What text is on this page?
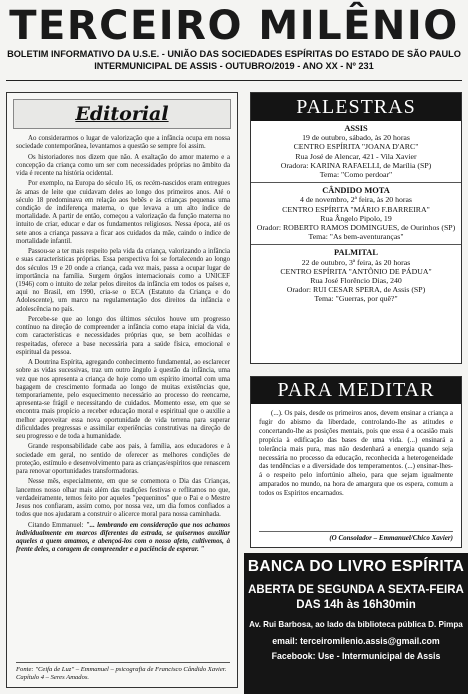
TERCEIRO MILÊNIO
BOLETIM INFORMATIVO DA U.S.E. - UNIÃO DAS SOCIEDADES ESPÍRITAS DO ESTADO DE SÃO PAULO
INTERMUNICIPAL DE ASSIS - OUTUBRO/2019 - ANO XX - Nº 231
Editorial

Ao considerarmos o lugar de valorização que a infância ocupa em nossa sociedade contemporânea, levantamos a questão se sempre foi assim.

Os historiadores nos dizem que não. A exaltação do amor materno e a concepção da criança como um ser com necessidades próprias no âmbito da vida é recente na história ocidental.

Por exemplo, na Europa do século 16, os recém-nascidos eram entregues às amas de leite que cuidavam deles ao longo dos primeiros anos. Até o século 18 predominava em relação aos bebês e às crianças pequenas uma condição de indiferença materna, o que levava a um alto índice de mortalidade. A partir de então, começou a valorização da função materna no intuito de criar, educar e dar os fundamentos religiosos. Nessa época, até os sete anos a criança passava a ficar aos cuidados da mãe, caindo o índice de mortalidade infantil.

Passou-se a ter mais respeito pela vida da criança, valorizando a infância e suas características próprias. Essa perspectiva foi se fortalecendo ao longo dos séculos 19 e 20 onde a criança, cada vez mais, passa a ocupar lugar de importância na família. Surgem órgãos internacionais como a UNICEF (1946) com o intuito de zelar pelos direitos da infância em todos os países e, aqui no Brasil, em 1990, cria-se o ECA (Estatuto da Criança e do Adolescente), um marco na regulamentação dos direitos da infância e adolescência no país.

Percebe-se que ao longo dos últimos séculos houve um progresso contínuo na direção de compreender a infância como etapa inicial da vida, com características e necessidades próprias que, se bem acolhidas e respeitadas, oferece a base necessária para a saúde física, emocional e espiritual da pessoa.

A Doutrina Espírita, agregando conhecimento fundamental, ao esclarecer sobre as vidas sucessivas, traz um outro ângulo à questão da infância, uma vez que nos apresenta a criança de hoje como um espírito imortal com uma bagagem de crescimento formada ao longo de muitas existências que, temporariamente, pelo esquecimento necessário ao processo do reencarne, apresenta-se frágil e necessitando de cuidados. Momento esse, em que se encontra mais propício a receber educação moral e espiritual que o auxilie a melhor aproveitar essa nova oportunidade de vida terrena para superar dificuldades pregressas e assimilar experiências construtivas na direção de seu progresso e de toda a humanidade.

Grande responsabilidade cabe aos pais, à família, aos educadores e à sociedade em geral, no sentido de oferecer as melhores condições de proteção, estímulo e desenvolvimento para as crianças/espíritos que renascem para renovar oportunidades transformadoras.

Nesse mês, especialmente, em que se comemora o Dia das Crianças, lancemos nosso olhar mais além das tradições festivas e reflitamos no que, verdadeiramente, temos feito por aqueles "pequeninos" que o Pai e o Mestre Jesus nos confiaram, assim como, por nossa vez, um dia fomos confiados a todos que nos ajudaram a construir o alicerce moral para nossa caminhada.

Citando Emmanuel: "... lembrando em consideração que nos achamos individualmente em marcos diferentes da estrada, se quisermos auxiliar aqueles a quem amamos, e abençoá-los com o nosso afeto, cultivemos, à frente deles, a coragem de compreender e a paciência de esperar. "

Fonte: "Ceifa de Luz" – Emmanuel – psicografia de Francisco Cândido Xavier. Capítulo 4 – Seres Amados.
PALESTRAS
ASSIS
19 de outubro, sábado, às 20 horas
CENTRO ESPÍRITA "JOANA D'ARC"
Rua José de Alencar, 421 - Vila Xavier
Oradora: KARINA RAFAELLI, de Marília (SP)
Tema: "Como perdoar"
CÂNDIDO MOTA
4 de novembro, 2ª feira, às 20 horas
CENTRO ESPÍRITA "MÁRIO F.BARREIRA"
Rua Ângelo Pipolo, 19
Orador: ROBERTO RAMOS DOMINGUES, de Ourinhos (SP)
Tema: "As bem-aventuranças"
PALMITAL
22 de outubro, 3ª feira, às 20 horas
CENTRO ESPÍRITA "ANTÔNIO DE PÁDUA"
Rua José Florêncio Dias, 240
Orador: RUI CESAR SPERA, de Assis (SP)
Tema: "Guerras, por quê?"
PARA MEDITAR
(...). Os pais, desde os primeiros anos, devem ensinar a criança a fugir do abismo da liberdade, controlando-lhe as atitudes e concertando-lhe as posições mentais, pois que essa é a ocasião mais propícia à edificação das bases de uma vida. (...) ensinará a tolerância mais pura, mas não desdenhará a energia quando seja necessária no processo da educação, reconhecida a heterogeneidade das tendências e a diversidade dos temperamentos. (...) ensinar-lhes-á o respeito pelo infortúnio alheio, para que sejam igualmente amparados no mundo, na hora de amargura que os espera, comum a todos os Espíritos encarnados.
(O Consolador – Emmanuel/Chico Xavier)
BANCA DO LIVRO ESPÍRITA
ABERTA DE SEGUNDA A SEXTA-FEIRA
DAS 14h às 16h30min
Av. Rui Barbosa, ao lado da biblioteca pública D. Pimpa
email: terceiromilenio.assis@gmail.com
Facebook: Use - Intermunicipal de Assis
